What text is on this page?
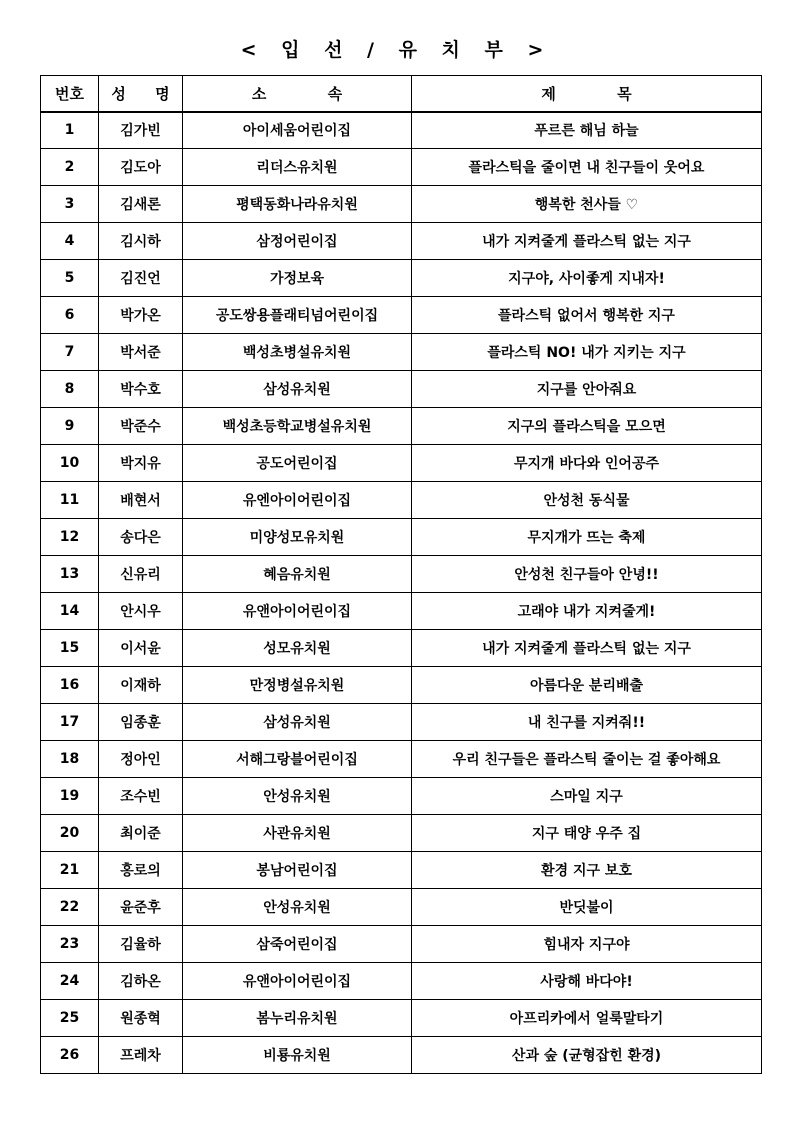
< 입 선 / 유 치 부 >
번호	성 명	소 속	제 목
1	김가빈	아이세움어린이집	푸르른 해님 하늘
2	김도아	리더스유치원	플라스틱을 줄이면 내 친구들이 웃어요
3	김새론	평택동화나라유치원	행복한 천사들 ♡
4	김시하	삼정어린이집	내가 지켜줄게 플라스틱 없는 지구
5	김진언	가정보육	지구야, 사이좋게 지내자!
6	박가온	공도쌍용플래티넘어린이집	플라스틱 없어서 행복한 지구
7	박서준	백성초병설유치원	플라스틱 NO! 내가 지키는 지구
8	박수호	삼성유치원	지구를 안아줘요
9	박준수	백성초등학교병설유치원	지구의 플라스틱을 모으면
10	박지유	공도어린이집	무지개 바다와 인어공주
11	배현서	유엔아이어린이집	안성천 동식물
12	송다은	미양성모유치원	무지개가 뜨는 축제
13	신유리	혜음유치원	안성천 친구들아 안녕!!
14	안시우	유앤아이어린이집	고래야 내가 지켜줄게!
15	이서윤	성모유치원	내가 지켜줄게 플라스틱 없는 지구
16	이재하	만정병설유치원	아름다운 분리배출
17	임종훈	삼성유치원	내 친구를 지켜줘!!
18	정아인	서해그랑블어린이집	우리 친구들은 플라스틱 줄이는 걸 좋아해요
19	조수빈	안성유치원	스마일 지구
20	최이준	사관유치원	지구 태양 우주 집
21	홍로의	봉남어린이집	환경 지구 보호
22	윤준후	안성유치원	반딧불이
23	김율하	삼죽어린이집	힘내자 지구야
24	김하온	유앤아이어린이집	사랑해 바다야!
25	원종혁	봄누리유치원	아프리카에서 얼룩말타기
26	프레차	비룡유치원	산과 숲 (균형잡힌 환경)
